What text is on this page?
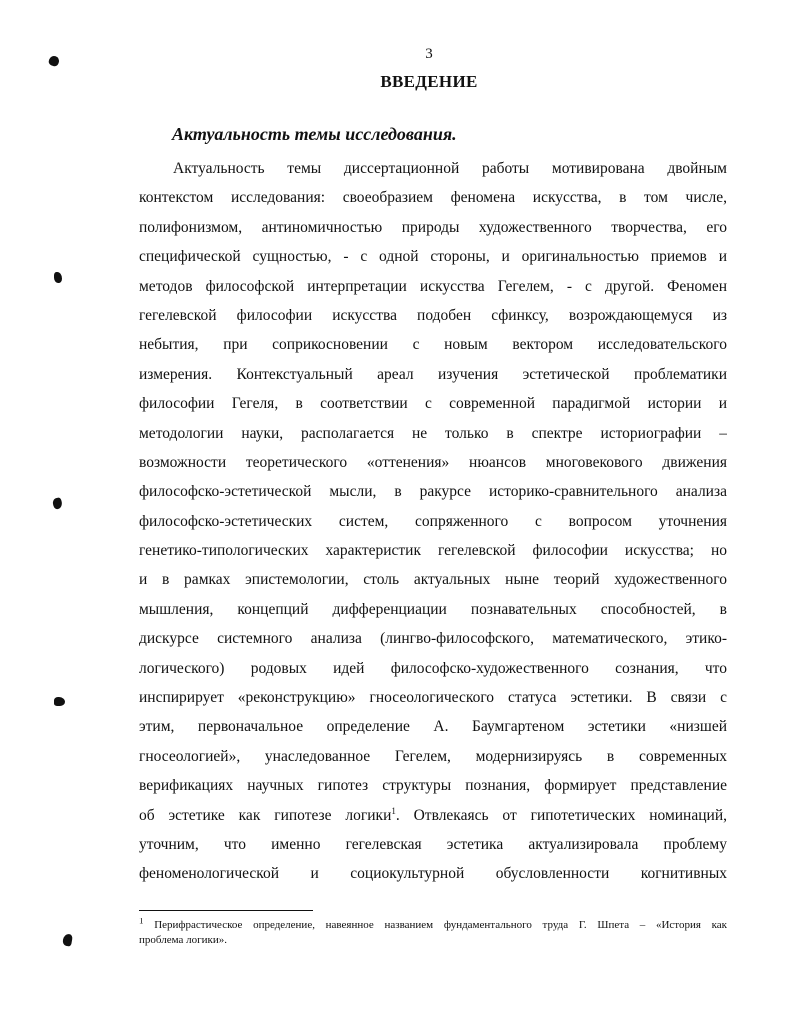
3
ВВЕДЕНИЕ
Актуальность темы исследования.
Актуальность темы диссертационной работы мотивирована двойным
контекстом исследования: своеобразием феномена искусства, в том числе,
полифонизмом, антиномичностью природы художественного творчества, его
специфической сущностью, - с одной стороны, и оригинальностью приемов и
методов философской интерпретации искусства Гегелем, - с другой. Феномен
гегелевской философии искусства подобен сфинксу, возрождающемуся из
небытия, при соприкосновении с новым вектором исследовательского
измерения. Контекстуальный ареал изучения эстетической проблематики
философии Гегеля, в соответствии с современной парадигмой истории и
методологии науки, располагается не только в спектре историографии –
возможности теоретического «оттенения» нюансов многовекового движения
философско-эстетической мысли, в ракурсе историко-сравнительного анализа
философско-эстетических систем, сопряженного с вопросом уточнения
генетико-типологических характеристик гегелевской философии искусства; но
и в рамках эпистемологии, столь актуальных ныне теорий художественного
мышления, концепций дифференциации познавательных способностей, в
дискурсе системного анализа (лингво-философского, математического, этико-
логического) родовых идей философско-художественного сознания, что
инспирирует «реконструкцию» гносеологического статуса эстетики. В связи с
этим, первоначальное определение А. Баумгартеном эстетики «низшей
гносеологией», унаследованное Гегелем, модернизируясь в современных
верификациях научных гипотез структуры познания, формирует представление
об эстетике как гипотезе логики$^1$. Отвлекаясь от гипотетических номинаций,
уточним, что именно гегелевская эстетика актуализировала проблему
феноменологической и социокультурной обусловленности когнитивных
$^1$ Перифрастическое определение, навеянное названием фундаментального труда Г. Шпета – «История как
проблема логики».
